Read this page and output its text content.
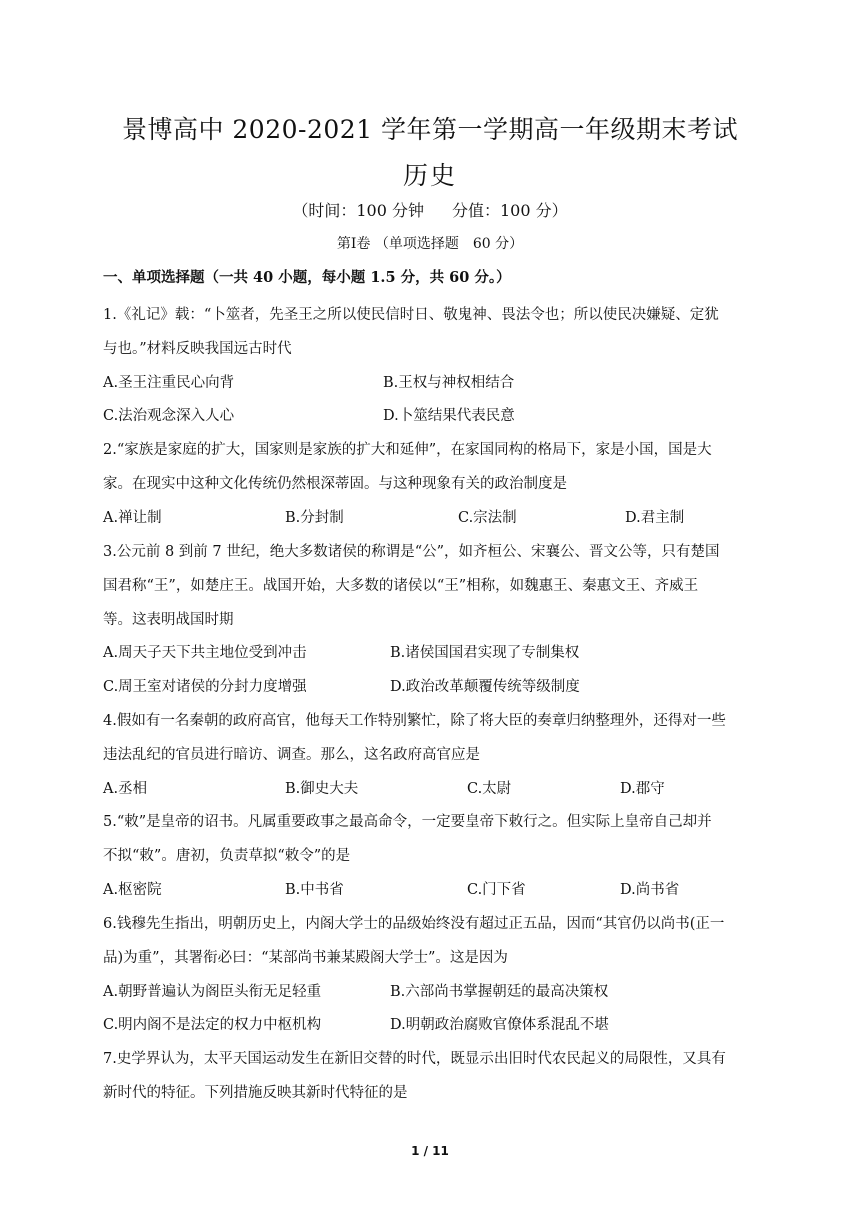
景博高中 2020-2021 学年第一学期高一年级期末考试
历史
（时间：100 分钟 分值：100 分）
第Ⅰ卷 （单项选择题　60 分）
一、单项选择题（一共 40 小题，每小题 1.5 分，共 60 分。）
1.《礼记》载：“卜筮者，先圣王之所以使民信时日、敬鬼神、畏法令也；所以使民决嫌疑、定犹
与也。”材料反映我国远古时代
A.圣王注重民心向背	B.王权与神权相结合
C.法治观念深入人心	D.卜筮结果代表民意
2.“家族是家庭的扩大，国家则是家族的扩大和延伸”，在家国同构的格局下，家是小国，国是大
家。在现实中这种文化传统仍然根深蒂固。与这种现象有关的政治制度是
A.禅让制	B.分封制	C.宗法制	D.君主制
3.公元前 8 到前 7 世纪，绝大多数诸侯的称谓是“公”，如齐桓公、宋襄公、晋文公等，只有楚国
国君称“王”，如楚庄王。战国开始，大多数的诸侯以“王”相称，如魏惠王、秦惠文王、齐威王
等。这表明战国时期
A.周天子天下共主地位受到冲击	B.诸侯国国君实现了专制集权
C.周王室对诸侯的分封力度增强	D.政治改革颠覆传统等级制度
4.假如有一名秦朝的政府高官，他每天工作特别繁忙，除了将大臣的奏章归纳整理外，还得对一些
违法乱纪的官员进行暗访、调查。那么，这名政府高官应是
A.丞相	B.御史大夫	C.太尉	D.郡守
5.“敕”是皇帝的诏书。凡属重要政事之最高命令，一定要皇帝下敕行之。但实际上皇帝自己却并
不拟“敕”。唐初，负责草拟“敕令”的是
A.枢密院	B.中书省	C.门下省	D.尚书省
6.钱穆先生指出，明朝历史上，内阁大学士的品级始终没有超过正五品，因而“其官仍以尚书(正一
品)为重”，其署衔必曰：“某部尚书兼某殿阁大学士”。这是因为
A.朝野普遍认为阁臣头衔无足轻重	B.六部尚书掌握朝廷的最高决策权
C.明内阁不是法定的权力中枢机构	D.明朝政治腐败官僚体系混乱不堪
7.史学界认为，太平天国运动发生在新旧交替的时代，既显示出旧时代农民起义的局限性，又具有
新时代的特征。下列措施反映其新时代特征的是
1 / 11
